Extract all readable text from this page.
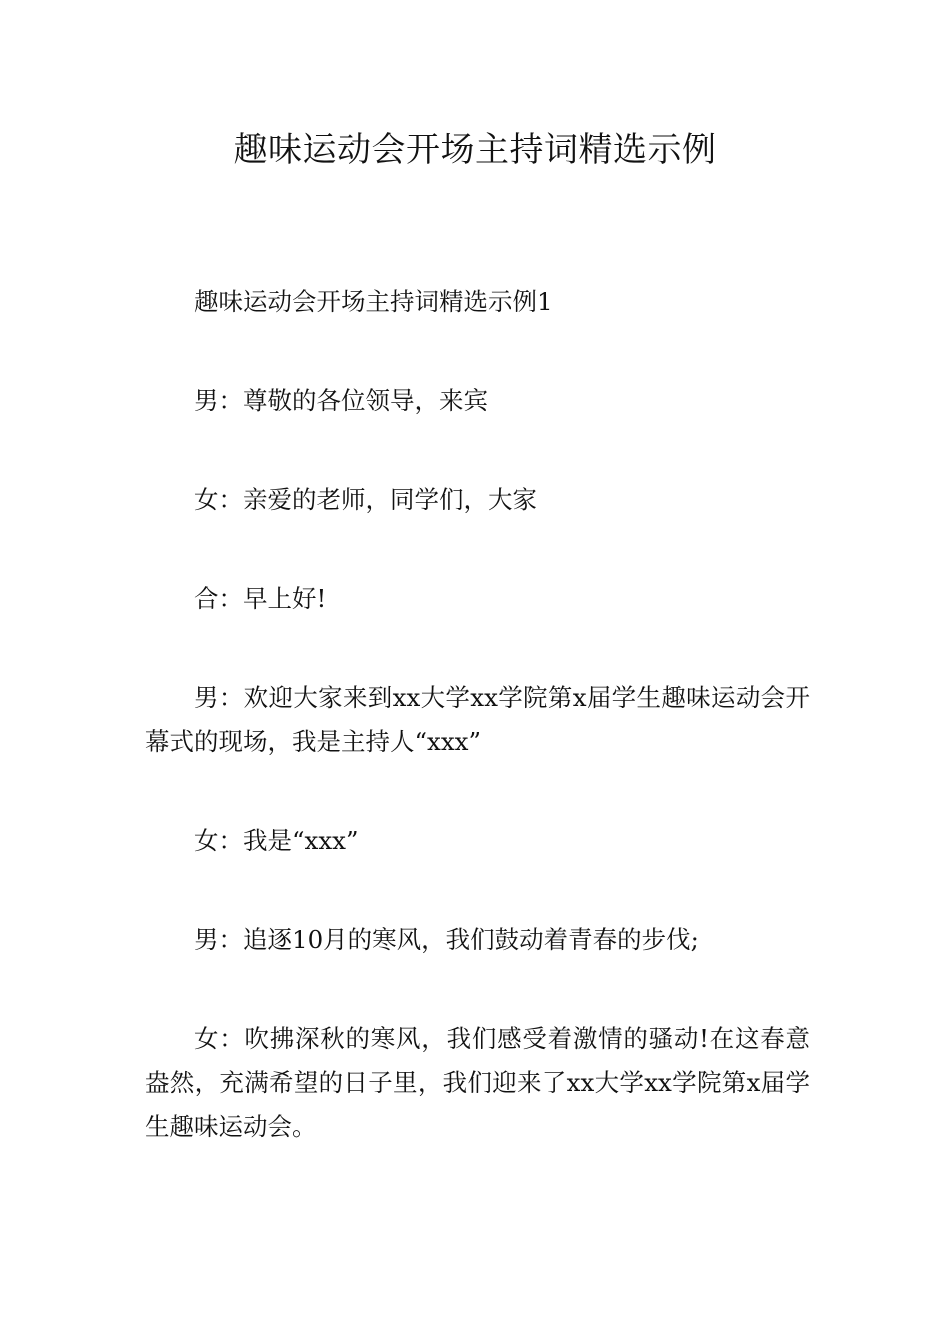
趣味运动会开场主持词精选示例

趣味运动会开场主持词精选示例1

男：尊敬的各位领导，来宾

女：亲爱的老师，同学们，大家

合：早上好!

男：欢迎大家来到xx大学xx学院第x届学生趣味运动会开幕式的现场，我是主持人“xxx”

女：我是“xxx”

男：追逐10月的寒风，我们鼓动着青春的步伐;

女：吹拂深秋的寒风，我们感受着激情的骚动!在这春意盎然，充满希望的日子里，我们迎来了xx大学xx学院第x届学生趣味运动会。
